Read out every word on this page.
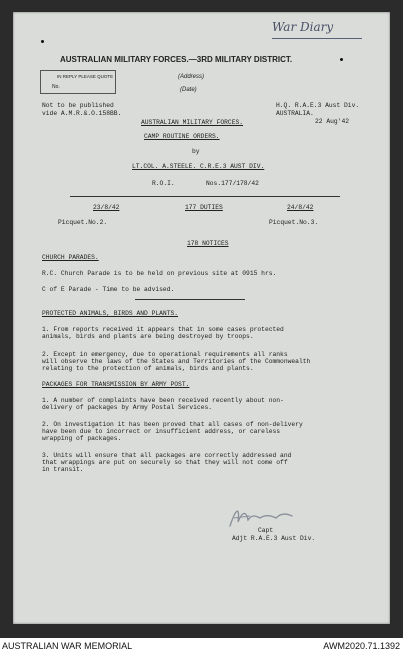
War Diary
AUSTRALIAN MILITARY FORCES.—3RD MILITARY DISTRICT.
IN REPLY PLEASE QUOTE
No.
(Address)
(Date)
Not to be published
vide A.M.R.&.O.158BB.
H.Q. R.A.E.3 Aust Div.
AUSTRALIA.
22 Aug'42
AUSTRALIAN MILITARY FORCES.
CAMP ROUTINE ORDERS.
by
LT.COL. A.STEELE. C.R.E.3 AUST DIV.
R.O.I.	Nos.177/178/42
23/8/42	177 DUTIES	24/8/42
Picquet.No.2.	Picquet.No.3.
178 NOTICES
CHURCH PARADES.
R.C. Church Parade is to be held on previous site at 0915 hrs.
C of E Parade - Time to be advised.
PROTECTED ANIMALS, BIRDS AND PLANTS.
1. From reports received it appears that in some cases protected
animals, birds and plants are being destroyed by troops.
2. Except in emergency, due to operational requirements all ranks
will observe the laws of the States and Territories of the Commonwealth
relating to the protection of animals, birds and plants.
PACKAGES FOR TRANSMISSION BY ARMY POST.
1. A number of complaints have been received recently about non-
delivery of packages by Army Postal Services.
2. On investigation it has been proved that all cases of non-delivery
have been due to incorrect or insufficient address, or careless
wrapping of packages.
3. Units will ensure that all packages are correctly addressed and
that wrappings are put on securely so that they will not come off
in transit.
Capt
Adjt R.A.E.3 Aust Div.
AUSTRALIAN WAR MEMORIAL	AWM2020.71.1392
